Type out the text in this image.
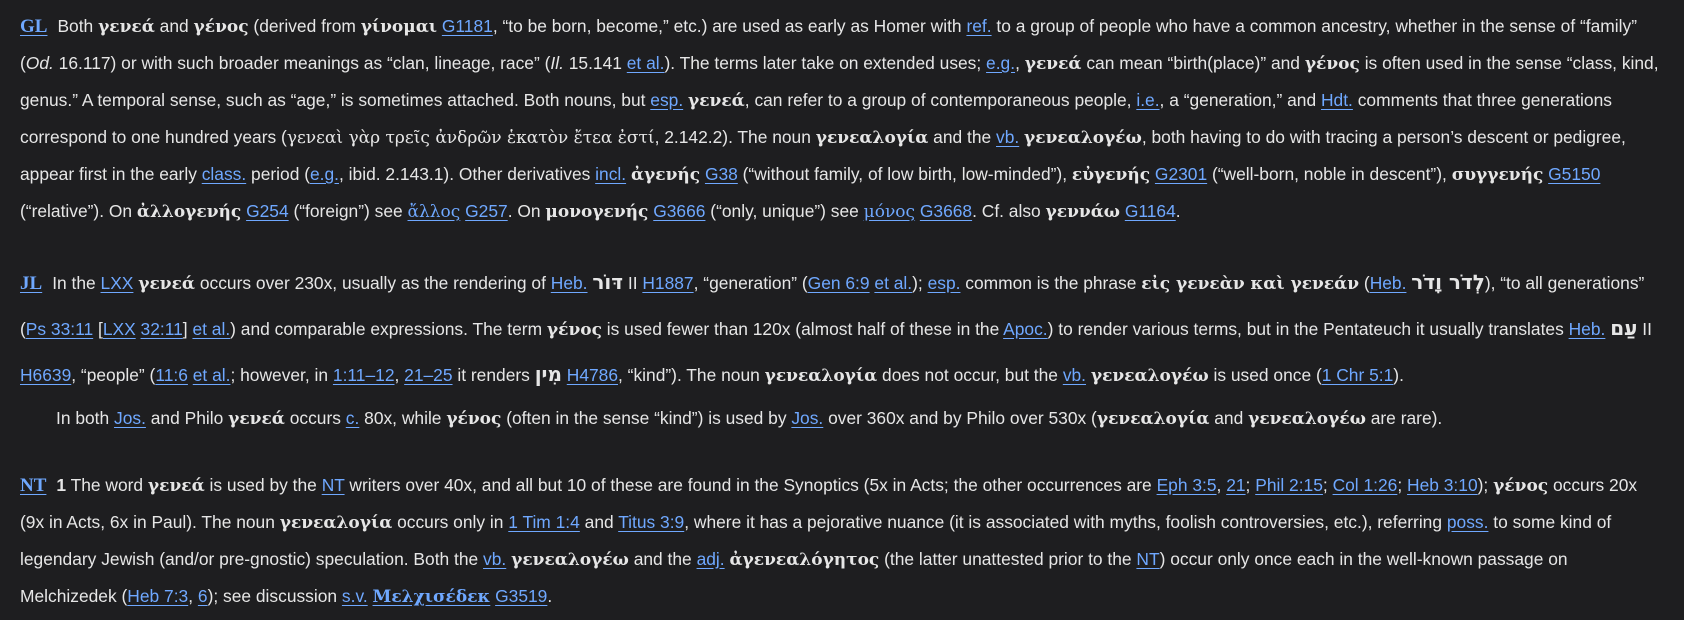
GL Both γενεά and γένος (derived from γίνομαι G1181, “to be born, become,” etc.) are used as early as Homer with ref. to a group of people who have a common ancestry, whether in the sense of “family” (Od. 16.117) or with such broader meanings as “clan, lineage, race” (Il. 15.141 et al.). The terms later take on extended uses; e.g., γενεά can mean “birth(place)” and γένος is often used in the sense “class, kind, genus.” A temporal sense, such as “age,” is sometimes attached. Both nouns, but esp. γενεά, can refer to a group of contemporaneous people, i.e., a “generation,” and Hdt. comments that three generations correspond to one hundred years (γενεαὶ γὰρ τρεῖς ἀνδρῶν ἑκατὸν ἔτεα ἐστί, 2.142.2). The noun γενεαλογία and the vb. γενεαλογέω, both having to do with tracing a person’s descent or pedigree, appear first in the early class. period (e.g., ibid. 2.143.1). Other derivatives incl. ἀγενής G38 (“without family, of low birth, low-minded”), εὐγενής G2301 (“well-born, noble in descent”), συγγενής G5150 (“relative”). On ἀλλογενής G254 (“foreign”) see ἄλλος G257. On μονογενής G3666 (“only, unique”) see μόνος G3668. Cf. also γεννάω G1164.

JL In the LXX γενεά occurs over 230x, usually as the rendering of Heb. דּוֹר II H1887, “generation” (Gen 6:9 et al.); esp. common is the phrase εἰς γενεὰν καὶ γενεάν (Heb. לְדֹר וָדֹר), “to all generations” (Ps 33:11 [LXX 32:11] et al.) and comparable expressions. The term γένος is used fewer than 120x (almost half of these in the Apoc.) to render various terms, but in the Pentateuch it usually translates Heb. עַם II H6639, “people” (11:6 et al.; however, in 1:11–12, 21–25 it renders מִין H4786, “kind”). The noun γενεαλογία does not occur, but the vb. γενεαλογέω is used once (1 Chr 5:1).

In both Jos. and Philo γενεά occurs c. 80x, while γένος (often in the sense “kind”) is used by Jos. over 360x and by Philo over 530x (γενεαλογία and γενεαλογέω are rare).

NT 1 The word γενεά is used by the NT writers over 40x, and all but 10 of these are found in the Synoptics (5x in Acts; the other occurrences are Eph 3:5, 21; Phil 2:15; Col 1:26; Heb 3:10); γένος occurs 20x (9x in Acts, 6x in Paul). The noun γενεαλογία occurs only in 1 Tim 1:4 and Titus 3:9, where it has a pejorative nuance (it is associated with myths, foolish controversies, etc.), referring poss. to some kind of legendary Jewish (and/or pre-gnostic) speculation. Both the vb. γενεαλογέω and the adj. ἀγενεαλόγητος (the latter unattested prior to the NT) occur only once each in the well-known passage on Melchizedek (Heb 7:3, 6); see discussion s.v. Μελχισέδεκ G3519.
